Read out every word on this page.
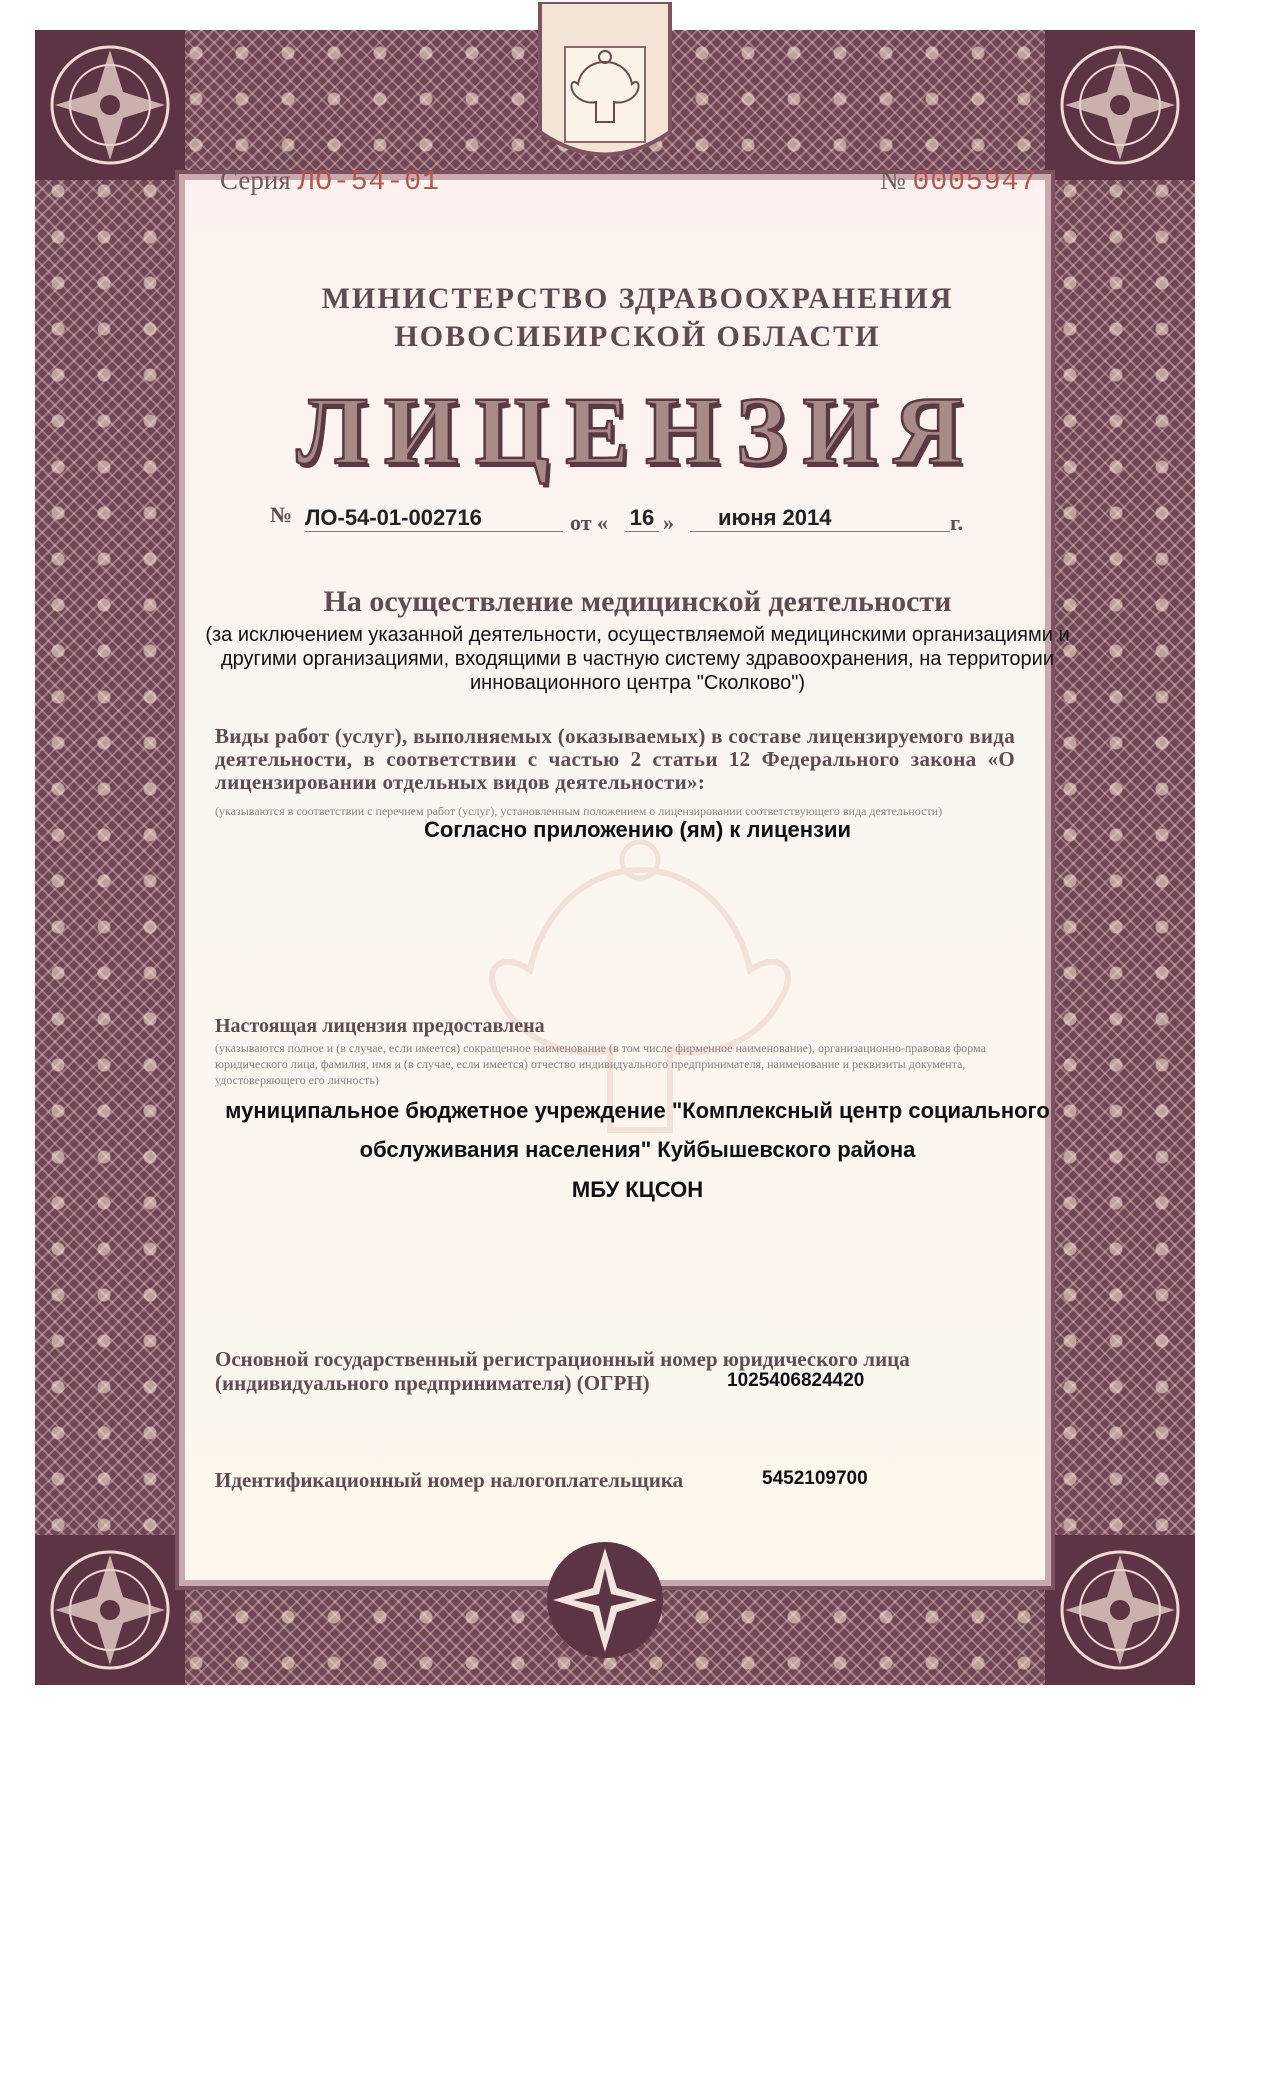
Серия ЛО-54-01	№ 0005947
МИНИСТЕРСТВО ЗДРАВООХРАНЕНИЯ
НОВОСИБИРСКОЙ ОБЛАСТИ
ЛИЦЕНЗИЯ
№ ЛО-54-01-002716	от « 16 »	июня 2014	г.
На осуществление медицинской деятельности
(за исключением указанной деятельности, осуществляемой медицинскими организациями и другими организациями, входящими в частную систему здравоохранения, на территории инновационного центра "Сколково")
Виды работ (услуг), выполняемых (оказываемых) в составе лицензируемого вида деятельности, в соответствии с частью 2 статьи 12 Федерального закона «О лицензировании отдельных видов деятельности»:
(указываются в соответствии с перечнем работ (услуг), установленным положением о лицензировании соответствующего вида деятельности)
Согласно приложению (ям) к лицензии
Настоящая лицензия предоставлена
(указываются полное и (в случае, если имеется) сокращенное наименование (в том числе фирменное наименование), организационно-правовая форма юридического лица, фамилия, имя и (в случае, если имеется) отчество индивидуального предпринимателя, наименование и реквизиты документа, удостоверяющего его личность)
муниципальное бюджетное учреждение "Комплексный центр социального
обслуживания населения" Куйбышевского района
МБУ КЦСОН
Основной государственный регистрационный номер юридического лица
(индивидуального предпринимателя) (ОГРН)	1025406824420
Идентификационный номер налогоплательщика	5452109700
